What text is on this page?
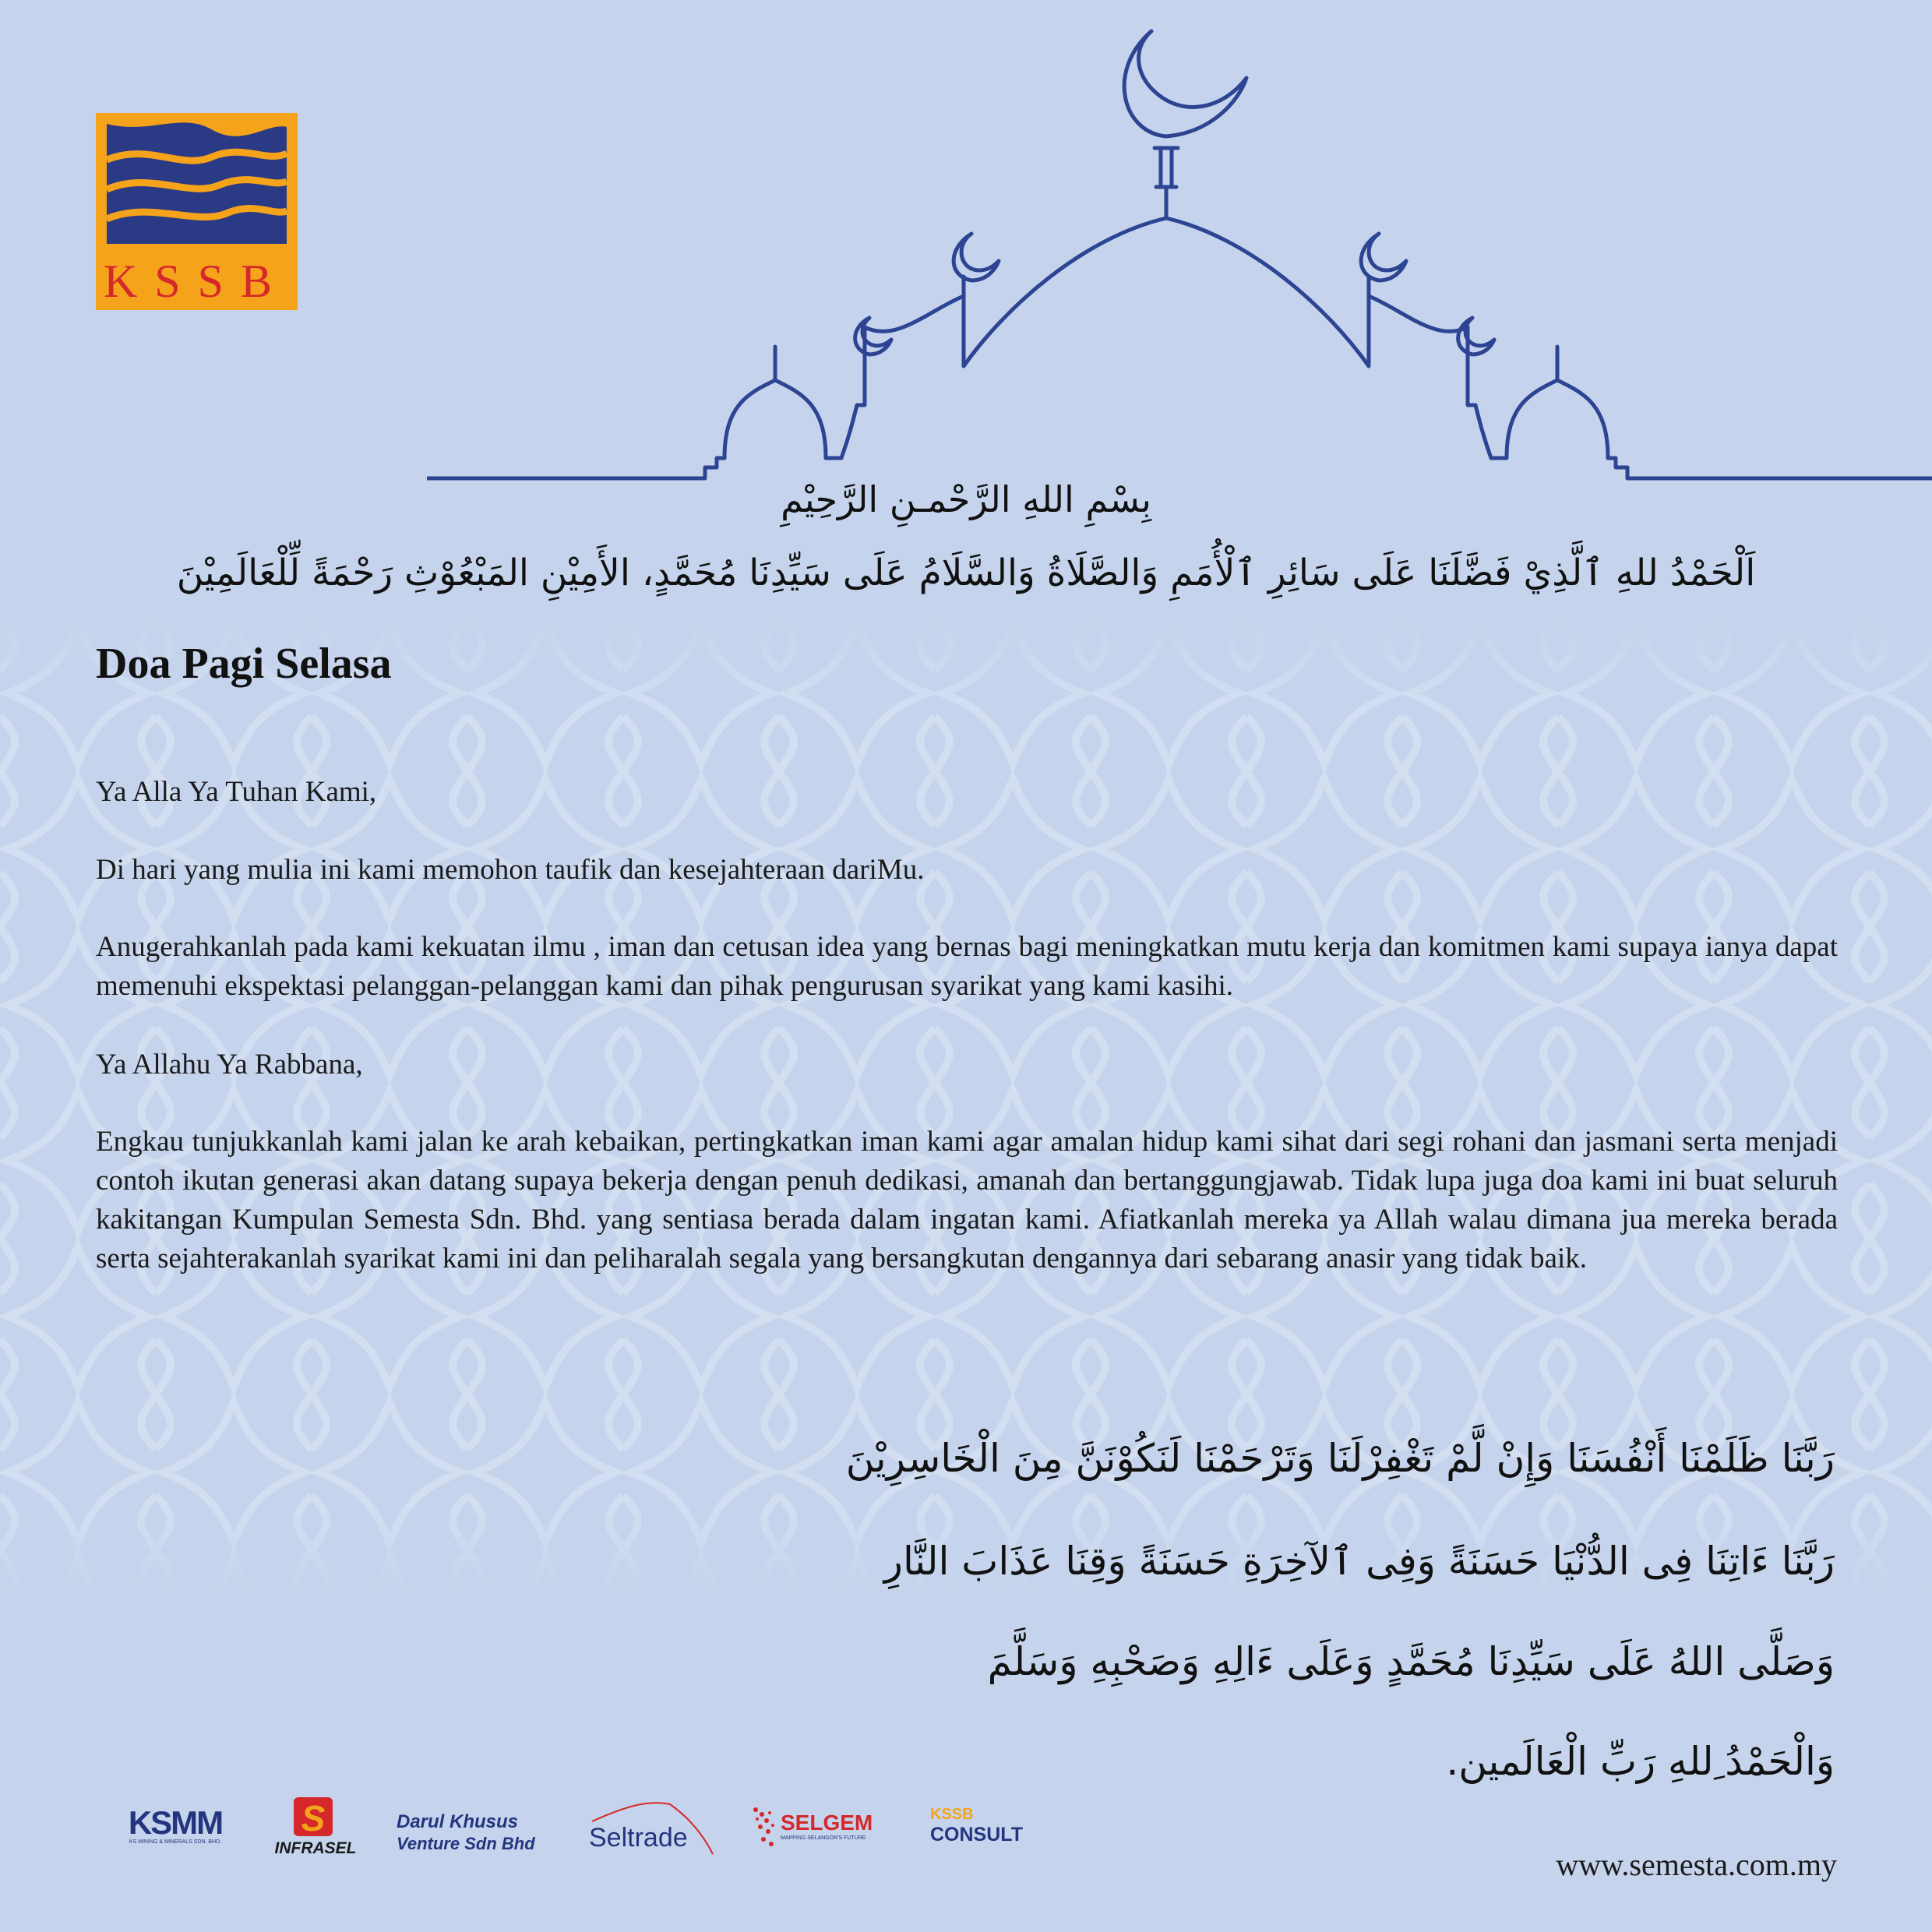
KSSB
بِسْمِ اللهِ الرَّحْمـنِ الرَّحِيْمِ
اَلْحَمْدُ للهِ ٱلَّذِيْ فَضَّلَنَا عَلَى سَائِرِ ٱلْأُمَمِ وَالصَّلَاةُ وَالسَّلَامُ عَلَى سَيِّدِنَا مُحَمَّدٍ، الأَمِيْنِ المَبْعُوْثِ رَحْمَةً لِّلْعَالَمِيْنَ
Doa Pagi Selasa
Ya Alla Ya Tuhan Kami,
Di hari yang mulia ini kami memohon taufik dan kesejahteraan dariMu.
Anugerahkanlah pada kami kekuatan ilmu , iman dan cetusan idea yang bernas bagi meningkatkan mutu kerja dan komitmen kami supaya ianya dapat memenuhi ekspektasi pelanggan-pelanggan kami dan pihak pengurusan syarikat yang kami kasihi.
Ya Allahu Ya Rabbana,
Engkau tunjukkanlah kami jalan ke arah kebaikan, pertingkatkan iman kami agar amalan hidup kami sihat dari segi rohani dan jasmani serta menjadi contoh ikutan generasi akan datang supaya bekerja dengan penuh dedikasi, amanah dan bertanggungjawab. Tidak lupa juga doa kami ini buat seluruh kakitangan Kumpulan Semesta Sdn. Bhd. yang sentiasa berada dalam ingatan kami. Afiatkanlah mereka ya Allah walau dimana jua mereka berada serta sejahterakanlah syarikat kami ini dan peliharalah segala yang bersangkutan dengannya dari sebarang anasir yang tidak baik.
رَبَّنَا ظَلَمْنَا أَنْفُسَنَا وَإِنْ لَّمْ تَغْفِرْلَنَا وَتَرْحَمْنَا لَنَكُوْنَنَّ مِنَ الْخَاسِرِيْنَ
رَبَّنَا ءَاتِنَا فِى الدُّنْيَا حَسَنَةً وَفِى ٱلآخِرَةِ حَسَنَةً وَقِنَا عَذَابَ النَّارِ
وَصَلَّى اللهُ عَلَى سَيِّدِنَا مُحَمَّدٍ وَعَلَى ءَالِهِ وَصَحْبِهِ وَسَلَّمَ
وَالْحَمْدُ ِللهِ رَبِّ الْعَالَمين.
KSMM
KS MINING & MINERALS SDN. BHD.
S
INFRASEL
Darul Khusus
Venture Sdn Bhd Seltrade
SELGEM
MAPPING SELANGOR'S FUTURE
KSSB
CONSULT
www.semesta.com.my
